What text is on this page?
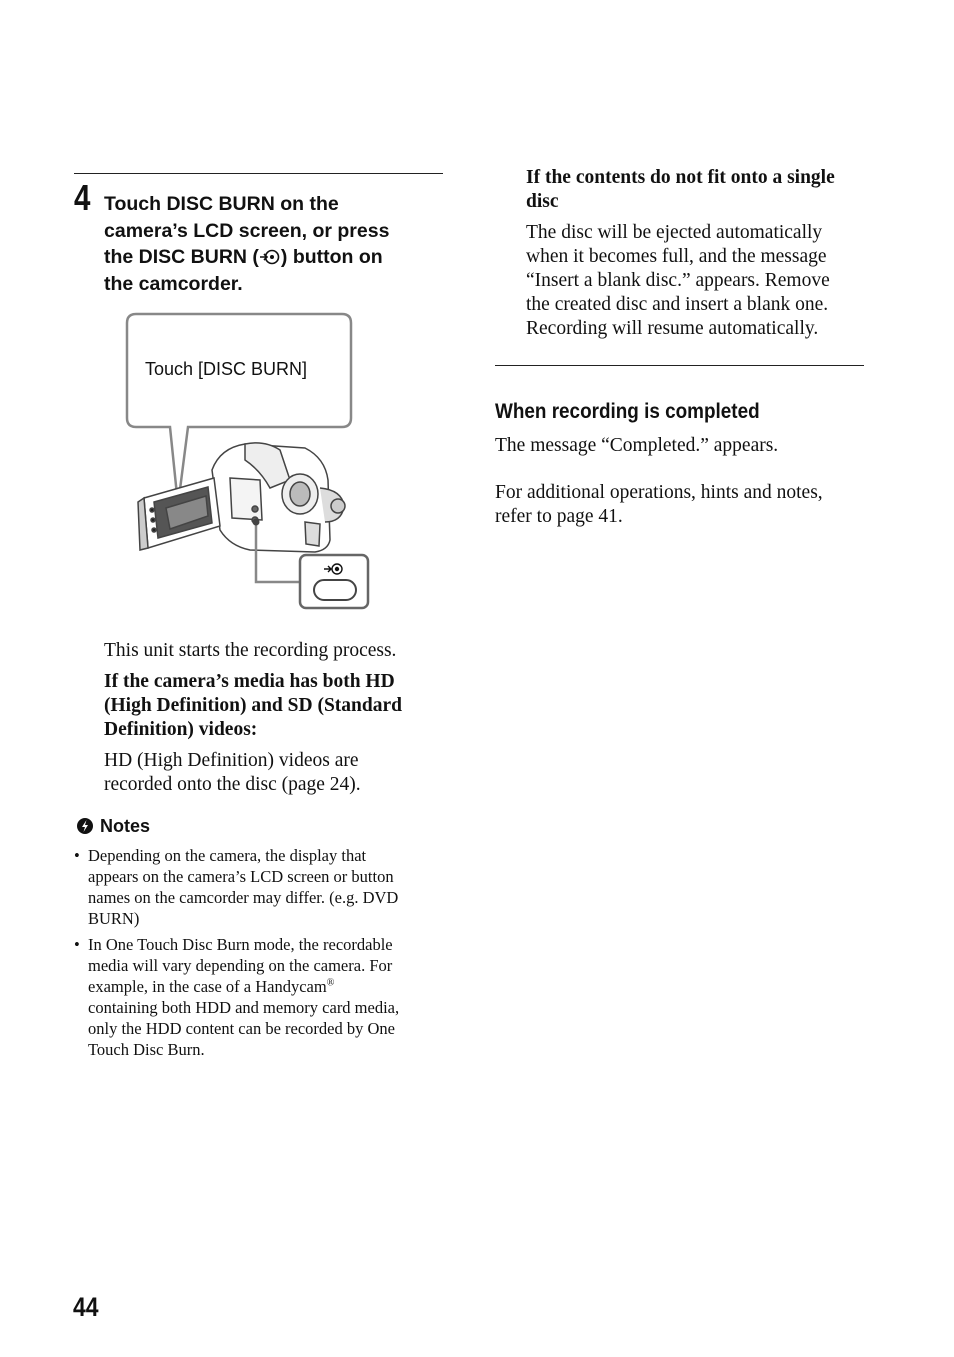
4 Touch DISC BURN on the
camera’s LCD screen, or press
the DISC BURN ( ) button on
the camcorder.
Touch [DISC BURN]
This unit starts the recording process.
If the camera’s media has both HD
(High Definition) and SD (Standard
Definition) videos:
HD (High Definition) videos are
recorded onto the disc (page 24).
Notes
• Depending on the camera, the display that
appears on the camera’s LCD screen or button
names on the camcorder may differ. (e.g. DVD
BURN)
• In One Touch Disc Burn mode, the recordable
media will vary depending on the camera. For
example, in the case of a Handycam®
containing both HDD and memory card media,
only the HDD content can be recorded by One
Touch Disc Burn.
If the contents do not fit onto a single
disc
The disc will be ejected automatically
when it becomes full, and the message
“Insert a blank disc.” appears. Remove
the created disc and insert a blank one.
Recording will resume automatically.
When recording is completed
The message “Completed.” appears.
For additional operations, hints and notes,
refer to page 41.
44
